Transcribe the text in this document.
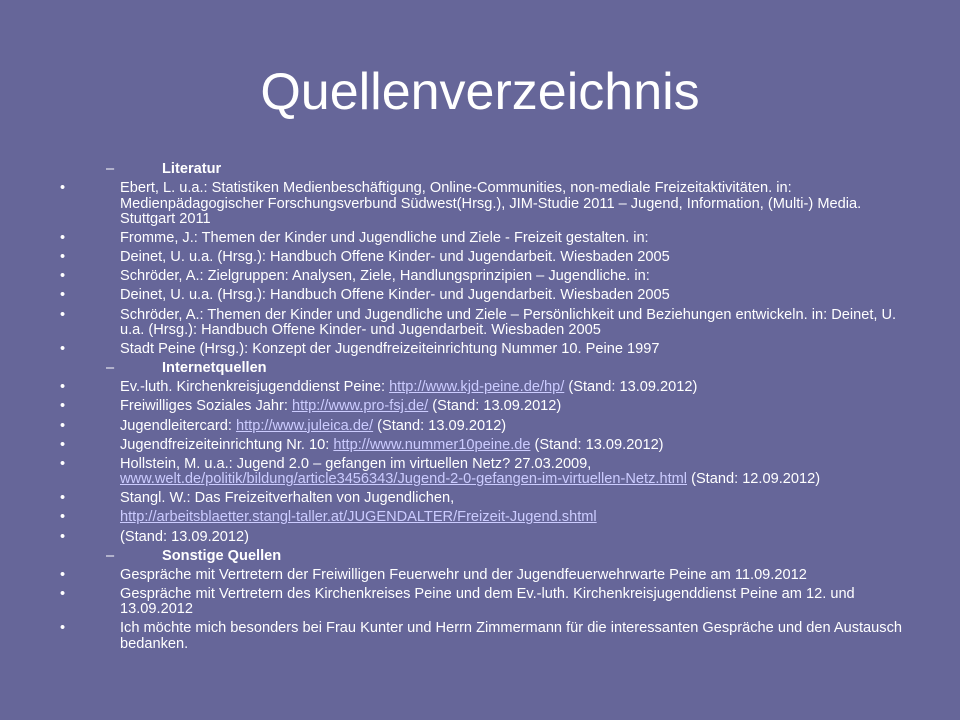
Quellenverzeichnis
–	Literatur
•	Ebert, L. u.a.: Statistiken Medienbeschäftigung, Online-Communities, non-mediale Freizeitaktivitäten. in: Medienpädagogischer Forschungsverbund Südwest(Hrsg.), JIM-Studie 2011 – Jugend, Information, (Multi-) Media. Stuttgart 2011
•	Fromme, J.: Themen der Kinder und Jugendliche und Ziele - Freizeit gestalten. in:
•	Deinet, U. u.a. (Hrsg.): Handbuch Offene Kinder- und Jugendarbeit. Wiesbaden 2005
•	Schröder, A.: Zielgruppen: Analysen, Ziele, Handlungsprinzipien – Jugendliche. in:
•	Deinet, U. u.a. (Hrsg.): Handbuch Offene Kinder- und Jugendarbeit. Wiesbaden 2005
•	Schröder, A.: Themen der Kinder und Jugendliche und Ziele – Persönlichkeit und Beziehungen entwickeln. in: Deinet, U. u.a. (Hrsg.): Handbuch Offene Kinder- und Jugendarbeit. Wiesbaden 2005
•	Stadt Peine (Hrsg.): Konzept der Jugendfreizeiteinrichtung Nummer 10. Peine 1997
–	Internetquellen
•	Ev.-luth. Kirchenkreisjugenddienst Peine: http://www.kjd-peine.de/hp/ (Stand: 13.09.2012)
•	Freiwilliges Soziales Jahr: http://www.pro-fsj.de/ (Stand: 13.09.2012)
•	Jugendleitercard: http://www.juleica.de/ (Stand: 13.09.2012)
•	Jugendfreizeiteinrichtung Nr. 10: http://www.nummer10peine.de (Stand: 13.09.2012)
•	Hollstein, M. u.a.: Jugend 2.0 – gefangen im virtuellen Netz? 27.03.2009, www.welt.de/politik/bildung/article3456343/Jugend-2-0-gefangen-im-virtuellen-Netz.html (Stand: 12.09.2012)
•	Stangl. W.: Das Freizeitverhalten von Jugendlichen,
•	http://arbeitsblaetter.stangl-taller.at/JUGENDALTER/Freizeit-Jugend.shtml
•	(Stand: 13.09.2012)
–	Sonstige Quellen
•	Gespräche mit Vertretern der Freiwilligen Feuerwehr und der Jugendfeuerwehrwarte Peine am 11.09.2012
•	Gespräche mit Vertretern des Kirchenkreises Peine und dem Ev.-luth. Kirchenkreisjugenddienst Peine am 12. und 13.09.2012
•	Ich möchte mich besonders bei Frau Kunter und Herrn Zimmermann für die interessanten Gespräche und den Austausch bedanken.
